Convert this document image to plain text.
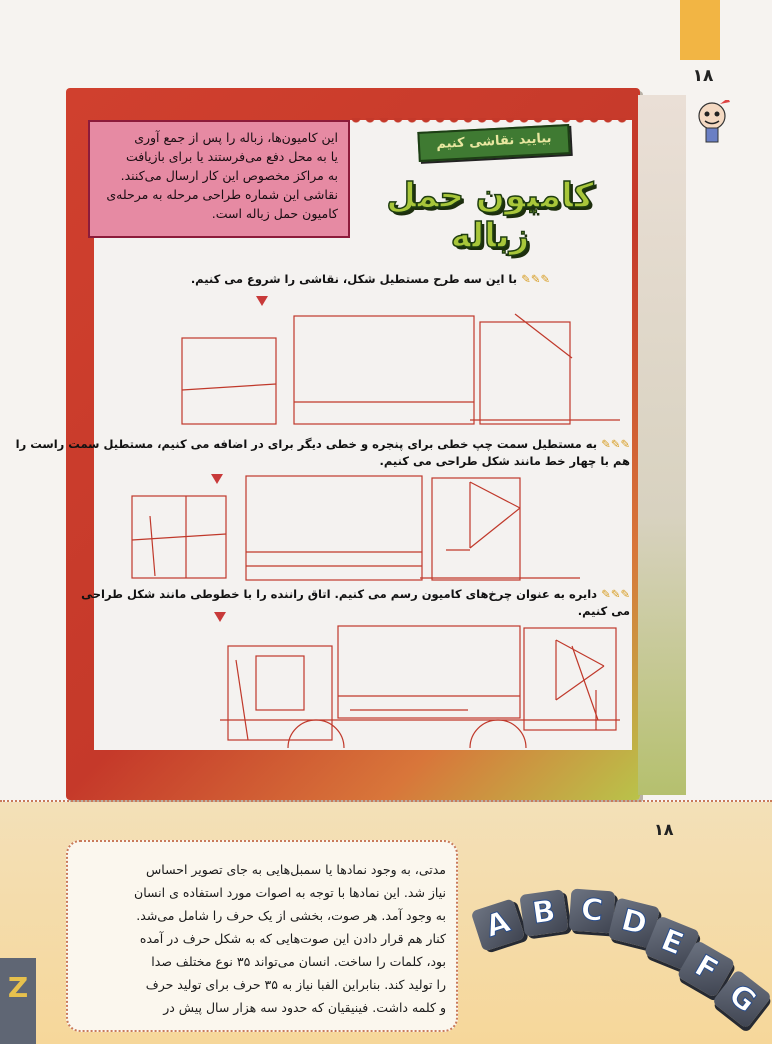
۱۸
این کامیون‌ها، زباله را پس از جمع آوری
یا به محل دفع می‌فرستند یا برای بازیافت
به مراکز مخصوص این کار ارسال می‌کنند.
نقاشی این شماره طراحی مرحله به مرحله‌ی
کامیون حمل زباله است.
بیایید نقاشی کنیم
کامیون حمل زباله
✎✎✎با این سه طرح مستطیل شکل، نقاشی را شروع می کنیم.
✎✎✎به مستطیل سمت چپ خطی برای پنجره و خطی دیگر برای در اضافه می کنیم، مستطیل سمت راست را
هم با چهار خط مانند شکل طراحی می کنیم.
✎✎✎دایره به عنوان چرخ‌های کامیون رسم می کنیم. اتاق راننده را با خطوطی مانند شکل طراحی
می کنیم.
۱۸
مدتی، به وجود نمادها یا سمبل‌هایی به جای تصویر احساس
نیاز شد. این نمادها با توجه به اصوات مورد استفاده ی انسان
به وجود آمد. هر صوت، بخشی از یک حرف را شامل می‌شد.
کنار هم قرار دادن این صوت‌هایی که به شکل حرف در آمده
بود، کلمات را ساخت. انسان می‌تواند ۳۵ نوع مختلف صدا
را تولید کند. بنابراین الفبا نیاز به ۳۵ حرف برای تولید حرف
و کلمه داشت. فینیقیان که حدود سه هزار سال پیش در
A B C D E
F
G
Z
